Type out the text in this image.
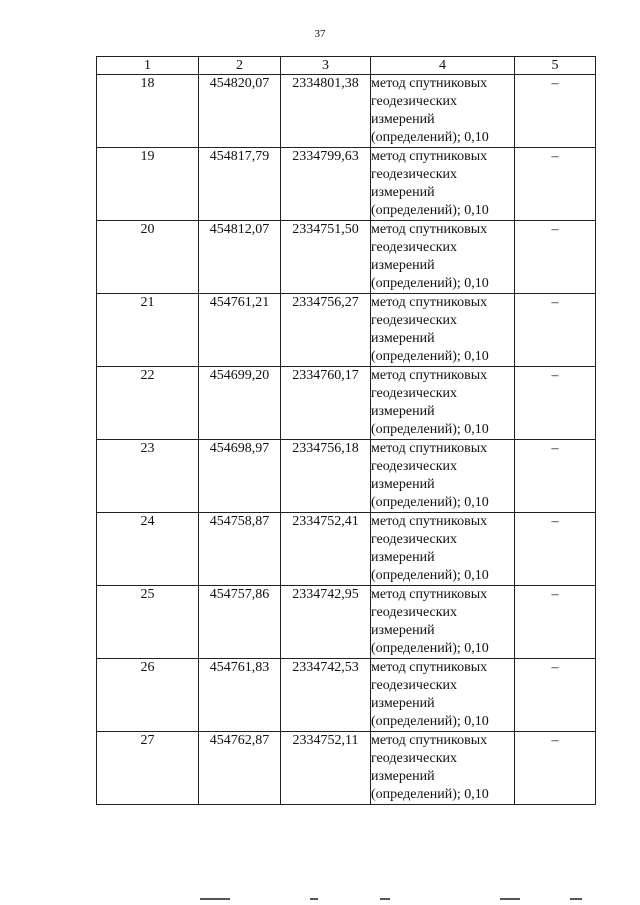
37
1	2	3	4	5
18	454820,07	2334801,38	метод спутниковых геодезических измерений (определений); 0,10	–
19	454817,79	2334799,63	метод спутниковых геодезических измерений (определений); 0,10	–
20	454812,07	2334751,50	метод спутниковых геодезических измерений (определений); 0,10	–
21	454761,21	2334756,27	метод спутниковых геодезических измерений (определений); 0,10	–
22	454699,20	2334760,17	метод спутниковых геодезических измерений (определений); 0,10	–
23	454698,97	2334756,18	метод спутниковых геодезических измерений (определений); 0,10	–
24	454758,87	2334752,41	метод спутниковых геодезических измерений (определений); 0,10	–
25	454757,86	2334742,95	метод спутниковых геодезических измерений (определений); 0,10	–
26	454761,83	2334742,53	метод спутниковых геодезических измерений (определений); 0,10	–
27	454762,87	2334752,11	метод спутниковых геодезических измерений (определений); 0,10	–
